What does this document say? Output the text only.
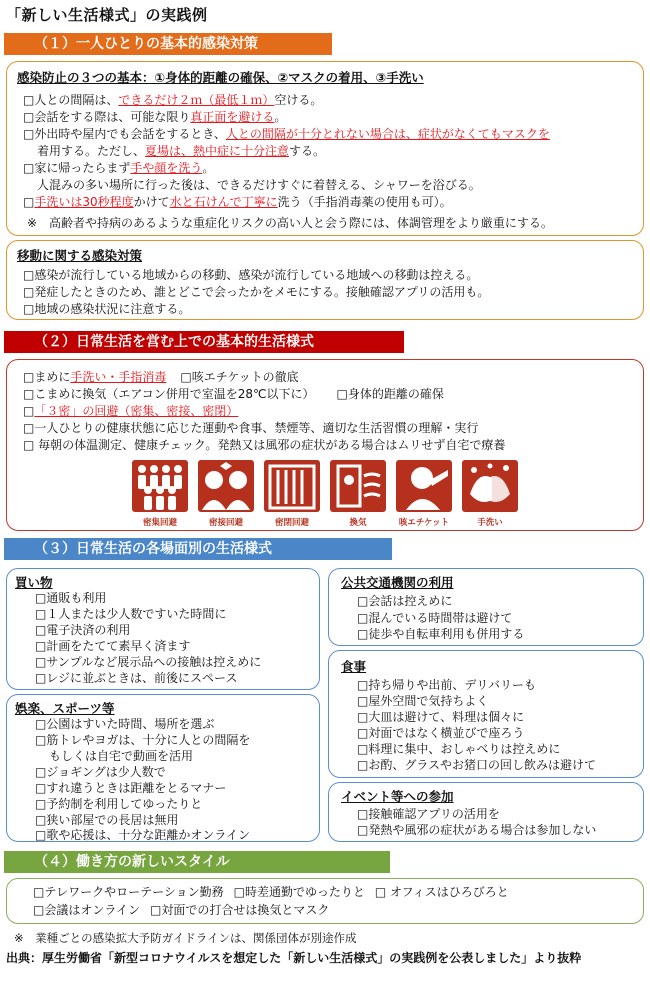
「新しい生活様式」の実践例
（１）一人ひとりの基本的感染対策
感染防止の３つの基本：①身体的距離の確保、②マスクの着用、③手洗い
□人との間隔は、できるだけ２ｍ（最低１ｍ）空ける。
□会話をする際は、可能な限り真正面を避ける。
□外出時や屋内でも会話をするとき、人との間隔が十分とれない場合は、症状がなくてもマスクを
着用する。ただし、夏場は、熱中症に十分注意する。
□家に帰ったらまず手や顔を洗う。
人混みの多い場所に行った後は、できるだけすぐに着替える、シャワーを浴びる。
□手洗いは30秒程度かけて水と石けんで丁寧に洗う（手指消毒薬の使用も可）。
※　高齢者や持病のあるような重症化リスクの高い人と会う際には、体調管理をより厳重にする。
移動に関する感染対策
□感染が流行している地域からの移動、感染が流行している地域への移動は控える。
□発症したときのため、誰とどこで会ったかをメモにする。接触確認アプリの活用も。
□地域の感染状況に注意する。
（２）日常生活を営む上での基本的生活様式
□まめに手洗い・手指消毒 □咳エチケットの徹底
□こまめに換気（エアコン併用で室温を28℃以下に） □身体的距離の確保
□「３密」の回避（密集、密接、密閉）
□一人ひとりの健康状態に応じた運動や食事、禁煙等、適切な生活習慣の理解・実行
□ 毎朝の体温測定、健康チェック。発熱又は風邪の症状がある場合はムリせず自宅で療養
密集回避	密接回避	密閉回避	換気	咳エチケット	手洗い
（３）日常生活の各場面別の生活様式
買い物
□通販も利用
□１人または少人数ですいた時間に
□電子決済の利用
□計画をたてて素早く済ます
□サンプルなど展示品への接触は控えめに
□レジに並ぶときは、前後にスペース
娯楽、スポーツ等
□公園はすいた時間、場所を選ぶ
□筋トレやヨガは、十分に人との間隔を
もしくは自宅で動画を活用
□ジョギングは少人数で
□すれ違うときは距離をとるマナー
□予約制を利用してゆったりと
□狭い部屋での長居は無用
□歌や応援は、十分な距離かオンライン
公共交通機関の利用
□会話は控えめに
□混んでいる時間帯は避けて
□徒歩や自転車利用も併用する
食事
□持ち帰りや出前、デリバリーも
□屋外空間で気持ちよく
□大皿は避けて、料理は個々に
□対面ではなく横並びで座ろう
□料理に集中、おしゃべりは控えめに
□お酌、グラスやお猪口の回し飲みは避けて
イベント等への参加
□接触確認アプリの活用を
□発熱や風邪の症状がある場合は参加しない
（４）働き方の新しいスタイル
□テレワークやローテーション勤務 □時差通勤でゆったりと □ オフィスはひろびろと
□会議はオンライン □対面での打合せは換気とマスク
※　業種ごとの感染拡大予防ガイドラインは、関係団体が別途作成
出典：厚生労働省「新型コロナウイルスを想定した「新しい生活様式」の実践例を公表しました」より抜粋
